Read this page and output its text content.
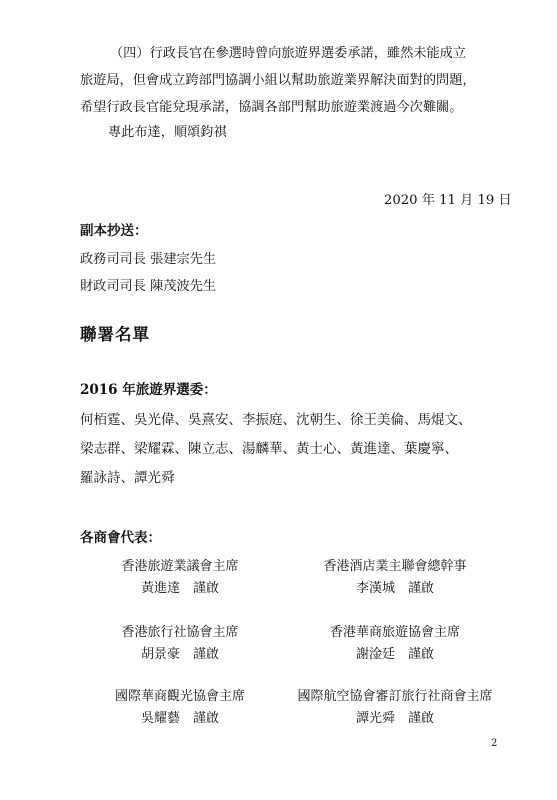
（四）行政長官在參選時曾向旅遊界選委承諾，雖然未能成立
旅遊局，但會成立跨部門協調小組以幫助旅遊業界解決面對的問題，
希望行政長官能兌現承諾，協調各部門幫助旅遊業渡過今次難關。
專此布達，順頌鈞祺
2020 年 11 月 19 日
副本抄送：
政務司司長 張建宗先生
財政司司長 陳茂波先生
聯署名單
2016 年旅遊界選委：
何栢霆、吳光偉、吳熹安、李振庭、沈朝生、徐王美倫、馬焜文、
梁志群、梁耀霖、陳立志、湯麟華、黃士心、黃進達、葉慶寧、
羅詠詩、譚光舜
各商會代表：
香港旅遊業議會主席
黃進達　謹啟
香港酒店業主聯會總幹事
李漢城　謹啟
香港旅行社協會主席
胡景豪　謹啟
香港華商旅遊協會主席
謝淦廷　謹啟
國際華商觀光協會主席
吳耀藝　謹啟
國際航空協會審訂旅行社商會主席
譚光舜　謹啟
2
